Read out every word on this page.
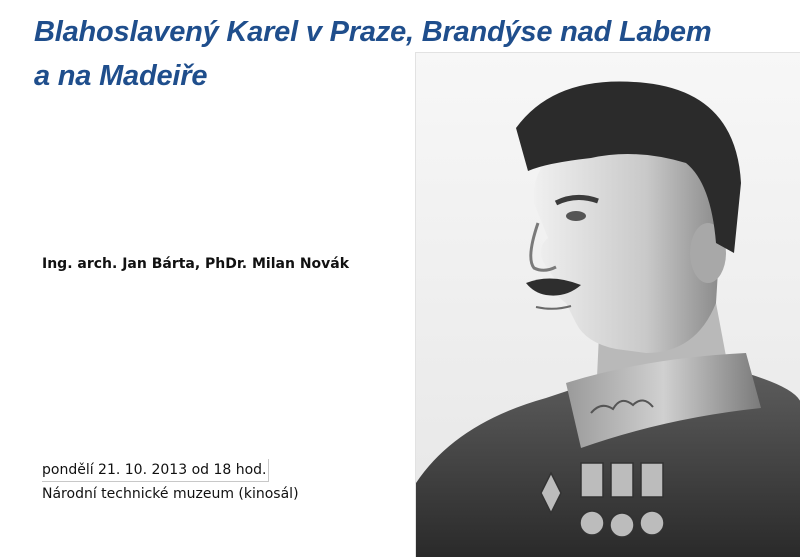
Blahoslavený Karel v Praze, Brandýse nad Labem
a na Madeiře

Ing. arch. Jan Bárta, PhDr. Milan Novák

pondělí 21. 10. 2013 od 18 hod.
Národní technické muzeum (kinosál)
